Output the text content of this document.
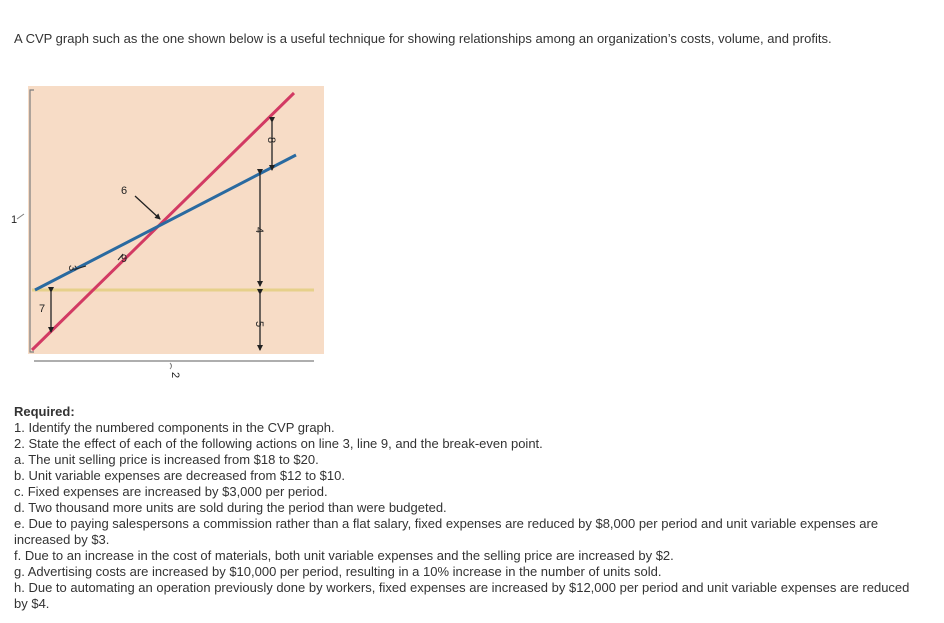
A CVP graph such as the one shown below is a useful technique for showing relationships among an organization’s costs, volume, and profits.
1
2
3
4
5
6
7
8
9
Required:

1. Identify the numbered components in the CVP graph.

2. State the effect of each of the following actions on line 3, line 9, and the break-even point.

a. The unit selling price is increased from $18 to $20.

b. Unit variable expenses are decreased from $12 to $10.

c. Fixed expenses are increased by $3,000 per period.

d. Two thousand more units are sold during the period than were budgeted.

e. Due to paying salespersons a commission rather than a flat salary, fixed expenses are reduced by $8,000 per period and unit variable expenses are increased by $3.

f. Due to an increase in the cost of materials, both unit variable expenses and the selling price are increased by $2.

g. Advertising costs are increased by $10,000 per period, resulting in a 10% increase in the number of units sold.

h. Due to automating an operation previously done by workers, fixed expenses are increased by $12,000 per period and unit variable expenses are reduced by $4.
